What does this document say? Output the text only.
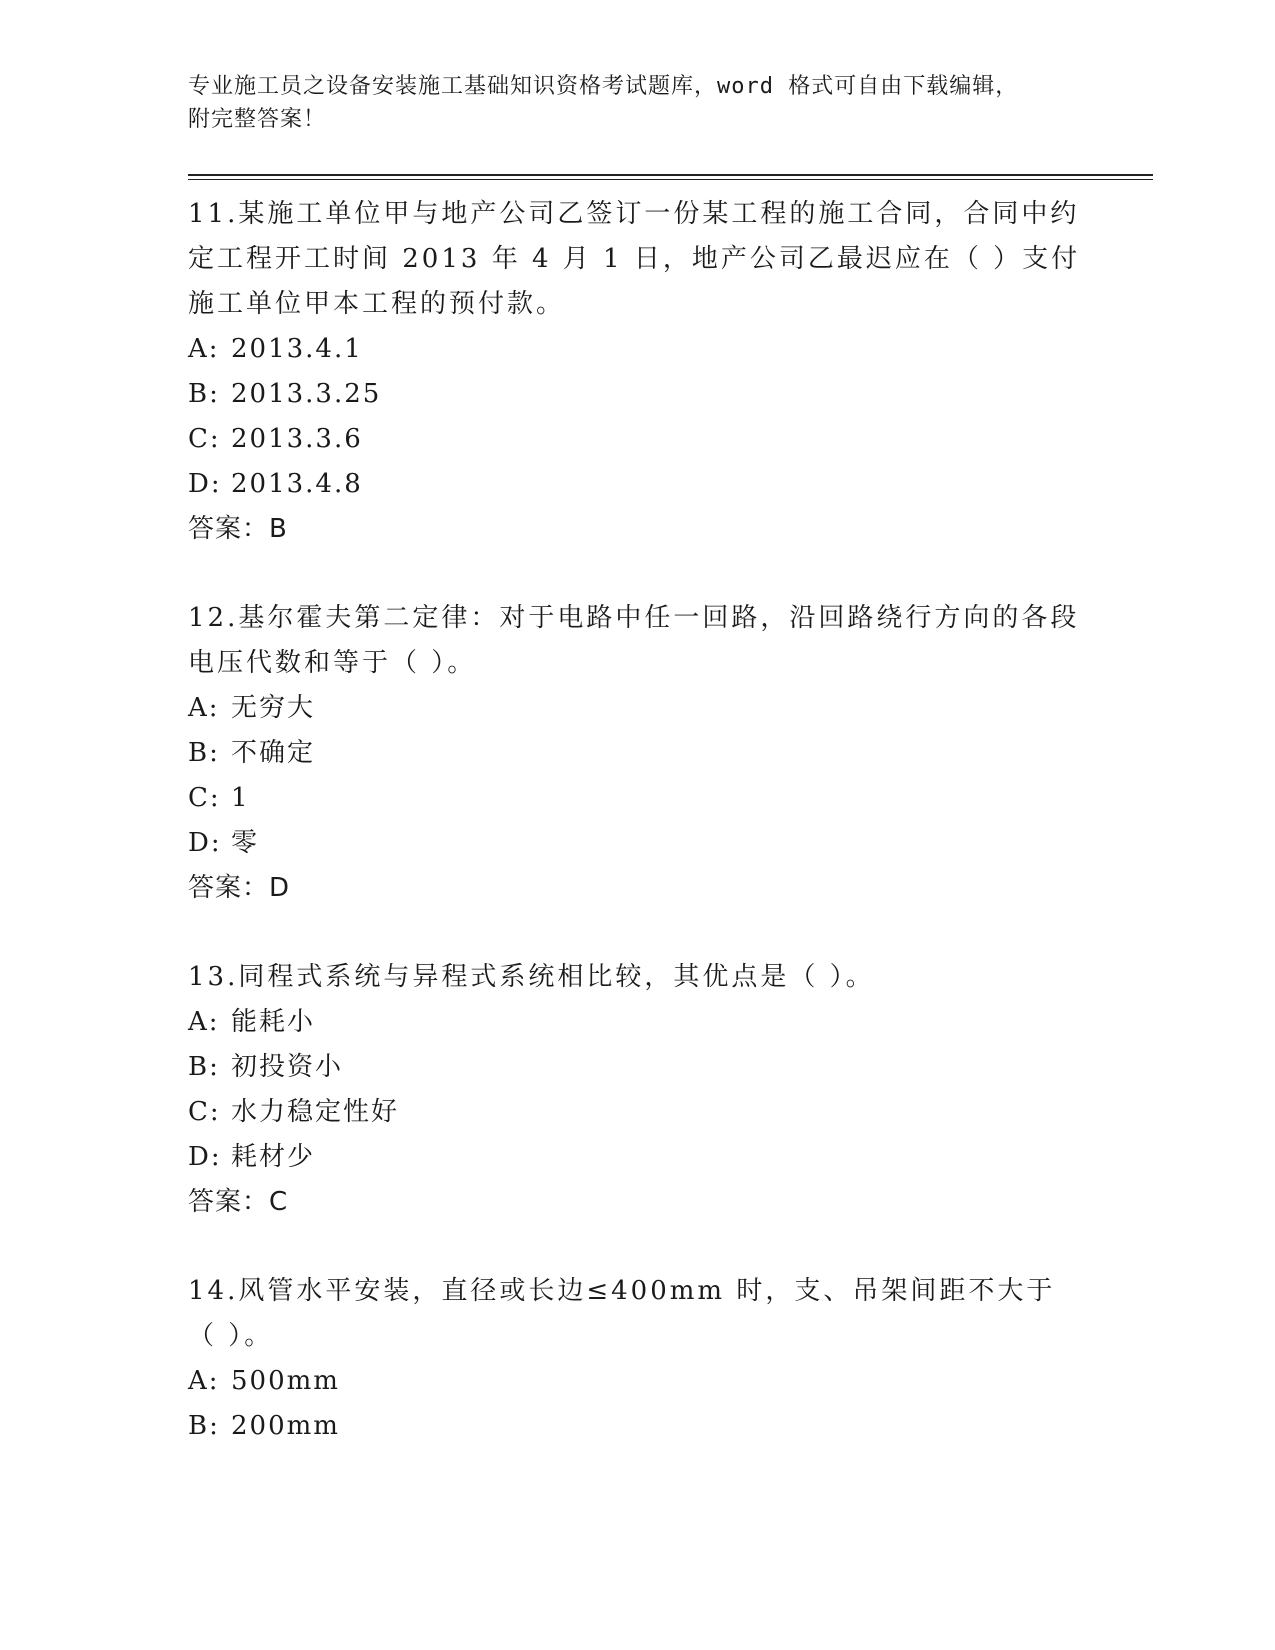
专业施工员之设备安装施工基础知识资格考试题库，word 格式可自由下载编辑，
附完整答案！
11.某施工单位甲与地产公司乙签订一份某工程的施工合同，合同中约定工程开工时间 2013 年 4 月 1 日，地产公司乙最迟应在（ ）支付施工单位甲本工程的预付款。
A: 2013.4.1
B: 2013.3.25
C: 2013.3.6
D: 2013.4.8
答案：B
12.基尔霍夫第二定律：对于电路中任一回路，沿回路绕行方向的各段电压代数和等于（ ）。
A: 无穷大
B: 不确定
C: 1
D: 零
答案：D
13.同程式系统与异程式系统相比较，其优点是（ ）。
A: 能耗小
B: 初投资小
C: 水力稳定性好
D: 耗材少
答案：C
14.风管水平安装，直径或长边≤400mm 时，支、吊架间距不大于（ ）。
A: 500mm
B: 200mm
